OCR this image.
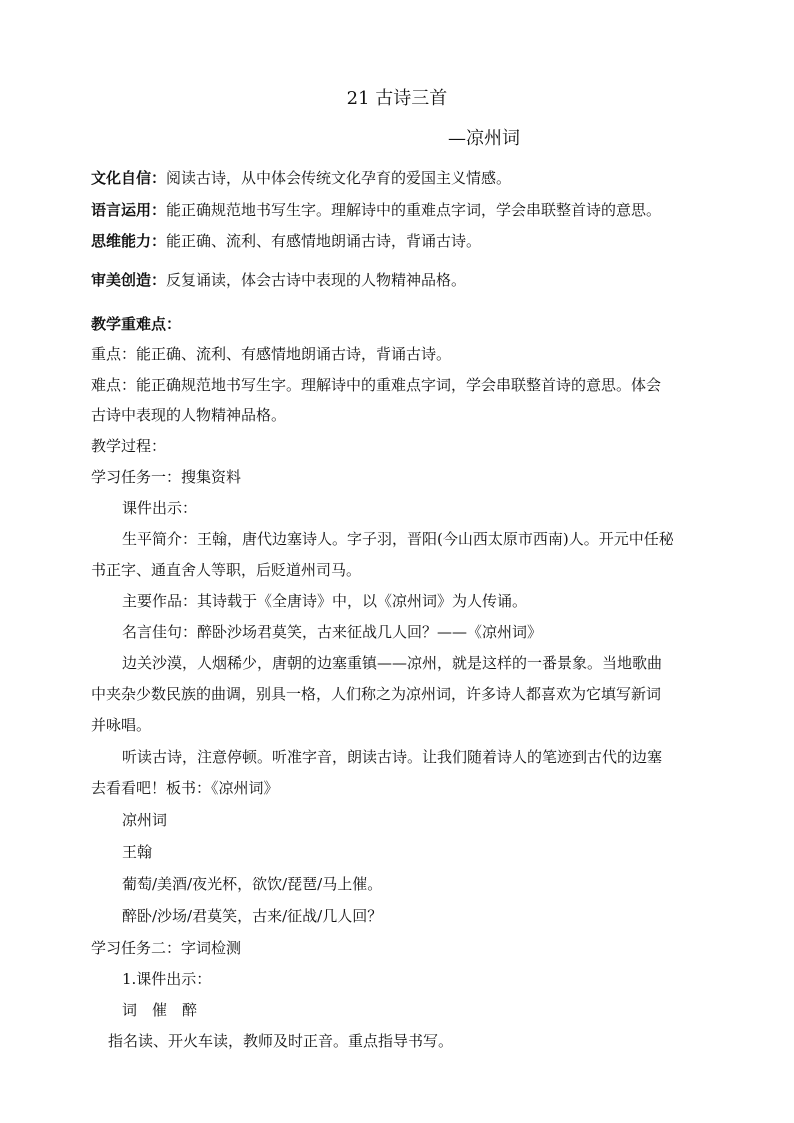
21 古诗三首
—凉州词
文化自信：阅读古诗，从中体会传统文化孕育的爱国主义情感。
语言运用：能正确规范地书写生字。理解诗中的重难点字词，学会串联整首诗的意思。
思维能力：能正确、流利、有感情地朗诵古诗，背诵古诗。
审美创造：反复诵读，体会古诗中表现的人物精神品格。
教学重难点：
重点：能正确、流利、有感情地朗诵古诗，背诵古诗。
难点：能正确规范地书写生字。理解诗中的重难点字词，学会串联整首诗的意思。体会
古诗中表现的人物精神品格。
教学过程：
学习任务一：搜集资料
课件出示：
生平简介：王翰，唐代边塞诗人。字子羽，晋阳(今山西太原市西南)人。开元中任秘
书正字、通直舍人等职，后贬道州司马。
主要作品：其诗载于《全唐诗》中，以《凉州词》为人传诵。
名言佳句：醉卧沙场君莫笑，古来征战几人回？——《凉州词》
边关沙漠，人烟稀少，唐朝的边塞重镇——凉州，就是这样的一番景象。当地歌曲
中夹杂少数民族的曲调，别具一格，人们称之为凉州词，许多诗人都喜欢为它填写新词
并咏唱。
听读古诗，注意停顿。听准字音，朗读古诗。让我们随着诗人的笔迹到古代的边塞
去看看吧！板书：《凉州词》
凉州词
王翰
葡萄/美酒/夜光杯，欲饮/琵琶/马上催。
醉卧/沙场/君莫笑，古来/征战/几人回？
学习任务二：字词检测
1.课件出示：
词　催　醉
指名读、开火车读，教师及时正音。重点指导书写。
